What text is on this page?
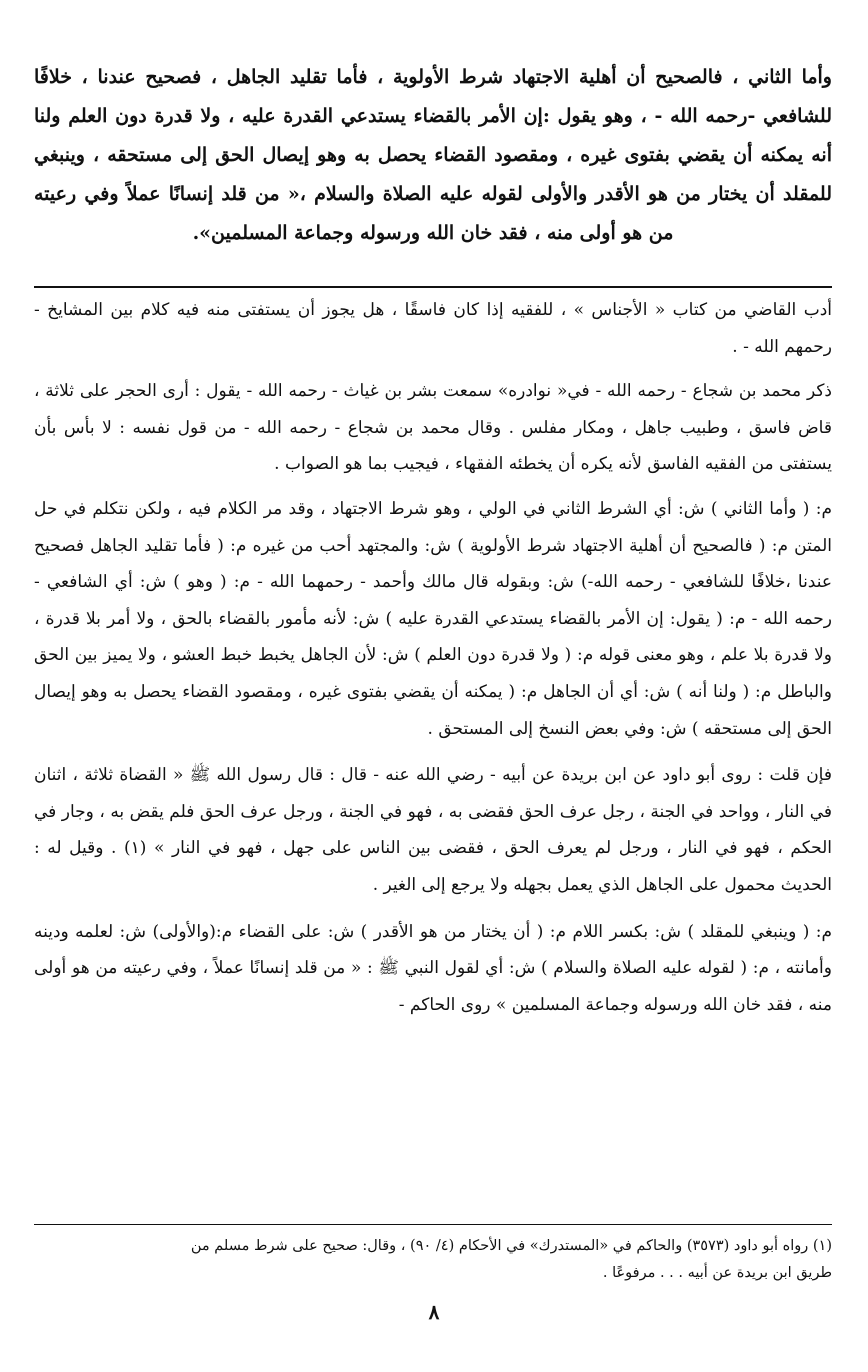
وأما الثاني ، فالصحيح أن أهلية الاجتهاد شرط الأولوية ، فأما تقليد الجاهل ، فصحيح عندنا ، خلافًا للشافعي -رحمه الله - ، وهو يقول :إن الأمر بالقضاء يستدعي القدرة عليه ، ولا قدرة دون العلم ولنا أنه يمكنه أن يقضي بفتوى غيره ، ومقصود القضاء يحصل به وهو إيصال الحق إلى مستحقه ، وينبغي للمقلد أن يختار من هو الأقدر والأولى لقوله عليه الصلاة والسلام ،« من قلد إنسانًا عملاً وفي رعيته من هو أولى منه ، فقد خان الله ورسوله وجماعة المسلمين».

أدب القاضي من كتاب « الأجناس » ، للفقيه إذا كان فاسقًا ، هل يجوز أن يستفتى منه فيه كلام بين المشايخ - رحمهم الله - .

ذكر محمد بن شجاع - رحمه الله - في« نوادره» سمعت بشر بن غياث - رحمه الله - يقول : أرى الحجر على ثلاثة ، قاض فاسق ، وطبيب جاهل ، ومكار مفلس . وقال محمد بن شجاع - رحمه الله - من قول نفسه : لا بأس بأن يستفتى من الفقيه الفاسق لأنه يكره أن يخطئه الفقهاء ، فيجيب بما هو الصواب .

م: ( وأما الثاني ) ش: أي الشرط الثاني في الولي ، وهو شرط الاجتهاد ، وقد مر الكلام فيه ، ولكن نتكلم في حل المتن م: ( فالصحيح أن أهلية الاجتهاد شرط الأولوية ) ش: والمجتهد أحب من غيره م: ( فأما تقليد الجاهل فصحيح عندنا ،خلافًا للشافعي - رحمه الله-) ش: وبقوله قال مالك وأحمد - رحمهما الله - م: ( وهو ) ش: أي الشافعي - رحمه الله - م: ( يقول: إن الأمر بالقضاء يستدعي القدرة عليه ) ش: لأنه مأمور بالقضاء بالحق ، ولا أمر بلا قدرة ، ولا قدرة بلا علم ، وهو معنى قوله م: ( ولا قدرة دون العلم ) ش: لأن الجاهل يخبط خبط العشو ، ولا يميز بين الحق والباطل م: ( ولنا أنه ) ش: أي أن الجاهل م: ( يمكنه أن يقضي بفتوى غيره ، ومقصود القضاء يحصل به وهو إيصال الحق إلى مستحقه ) ش: وفي بعض النسخ إلى المستحق .

فإن قلت : روى أبو داود عن ابن بريدة عن أبيه - رضي الله عنه - قال : قال رسول الله ﷺ « القضاة ثلاثة ، اثنان في النار ، وواحد في الجنة ، رجل عرف الحق فقضى به ، فهو في الجنة ، ورجل عرف الحق فلم يقض به ، وجار في الحكم ، فهو في النار ، ورجل لم يعرف الحق ، فقضى بين الناس على جهل ، فهو في النار » (١) . وقيل له : الحديث محمول على الجاهل الذي يعمل بجهله ولا يرجع إلى الغير .

م: ( وينبغي للمقلد ) ش: بكسر اللام م: ( أن يختار من هو الأقدر ) ش: على القضاء م:(والأولى) ش: لعلمه ودينه وأمانته ، م: ( لقوله عليه الصلاة والسلام ) ش: أي لقول النبي ﷺ : « من قلد إنسانًا عملاً ، وفي رعيته من هو أولى منه ، فقد خان الله ورسوله وجماعة المسلمين » روى الحاكم -

(١) رواه أبو داود (٣٥٧٣) والحاكم في «المستدرك» في الأحكام (٤/ ٩٠) ، وقال: صحيح على شرط مسلم من

طريق ابن بريدة عن أبيه . . . مرفوعًا .

٨
